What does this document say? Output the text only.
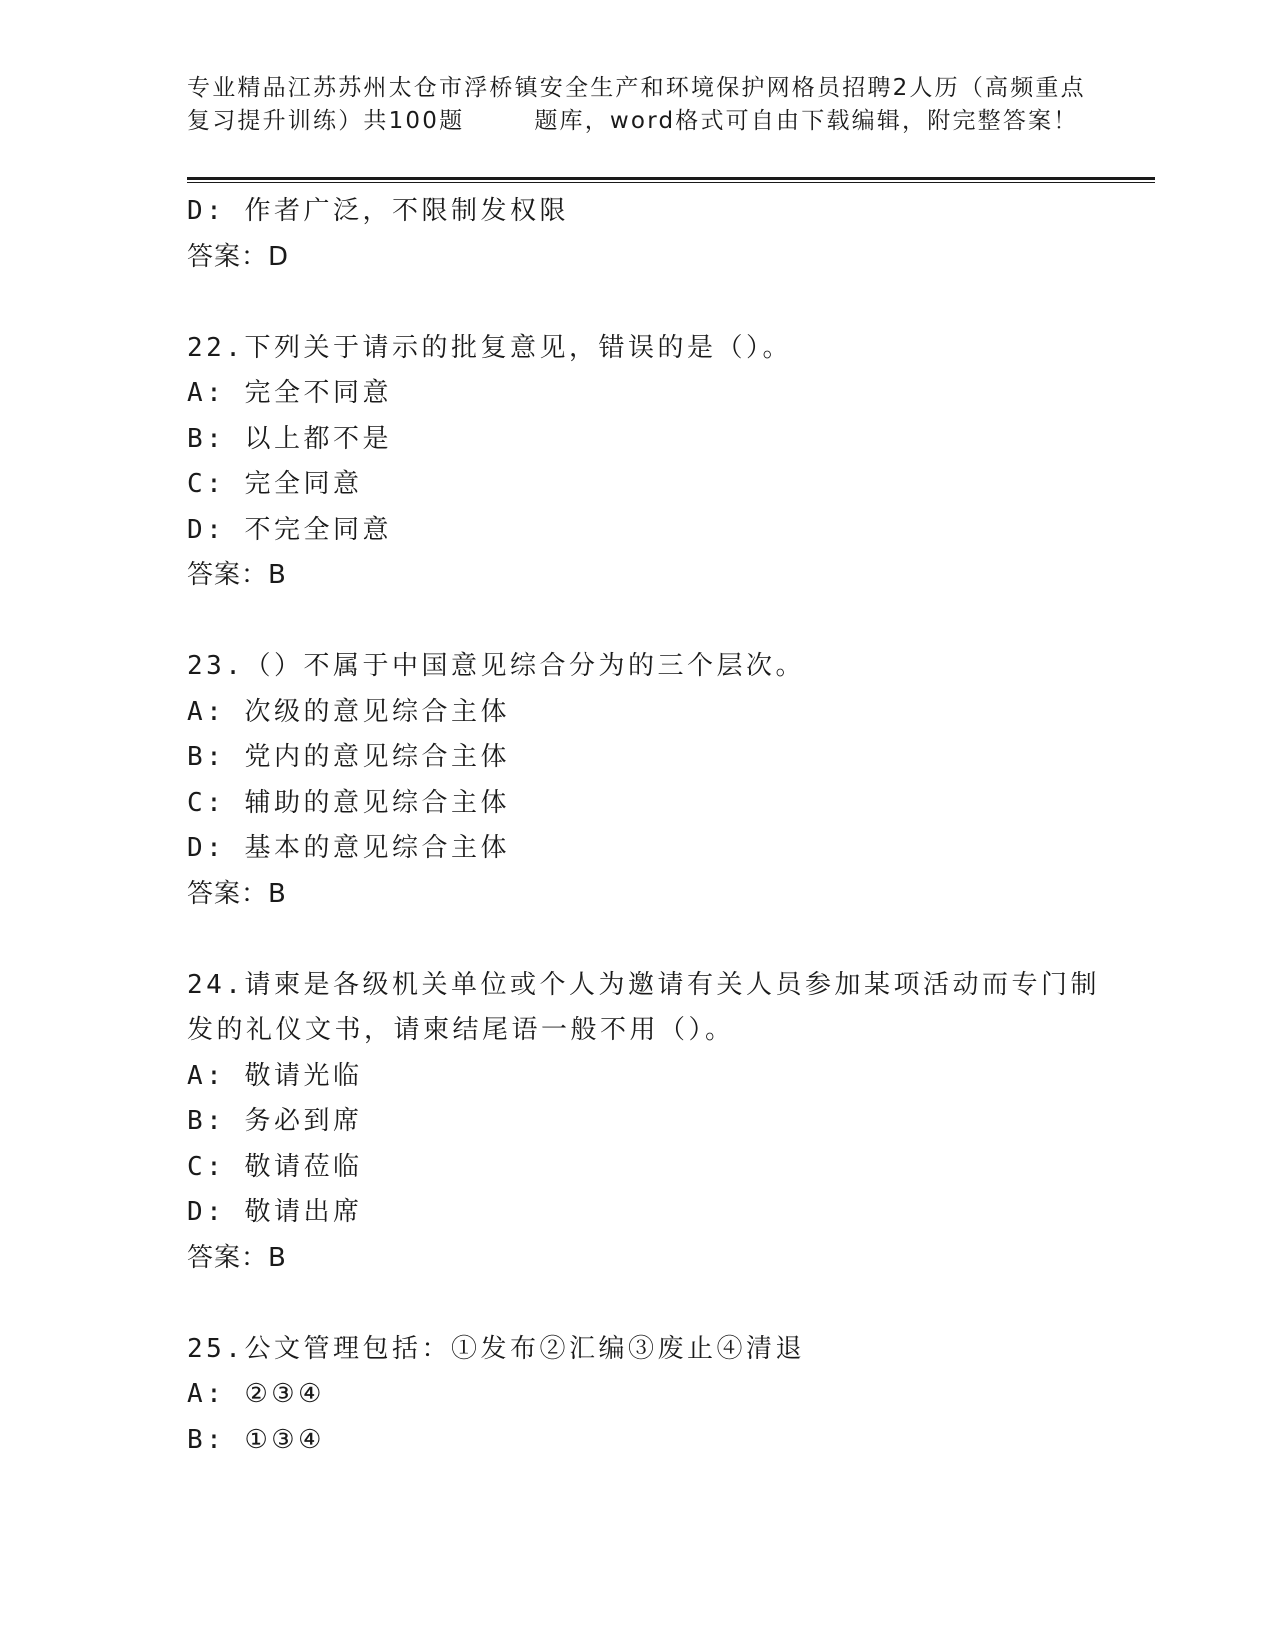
专业精品江苏苏州太仓市浮桥镇安全生产和环境保护网格员招聘2人历（高频重点
复习提升训练）共100题	题库，word格式可自由下载编辑，附完整答案！
D: 作者广泛，不限制发权限
答案：D
22.下列关于请示的批复意见，错误的是（）。
A: 完全不同意
B: 以上都不是
C: 完全同意
D: 不完全同意
答案：B
23.（）不属于中国意见综合分为的三个层次。
A: 次级的意见综合主体
B: 党内的意见综合主体
C: 辅助的意见综合主体
D: 基本的意见综合主体
答案：B
24.请柬是各级机关单位或个人为邀请有关人员参加某项活动而专门制
发的礼仪文书，请柬结尾语一般不用（）。
A: 敬请光临
B: 务必到席
C: 敬请莅临
D: 敬请出席
答案：B
25.公文管理包括：①发布②汇编③废止④清退
A: ②③④
B: ①③④
